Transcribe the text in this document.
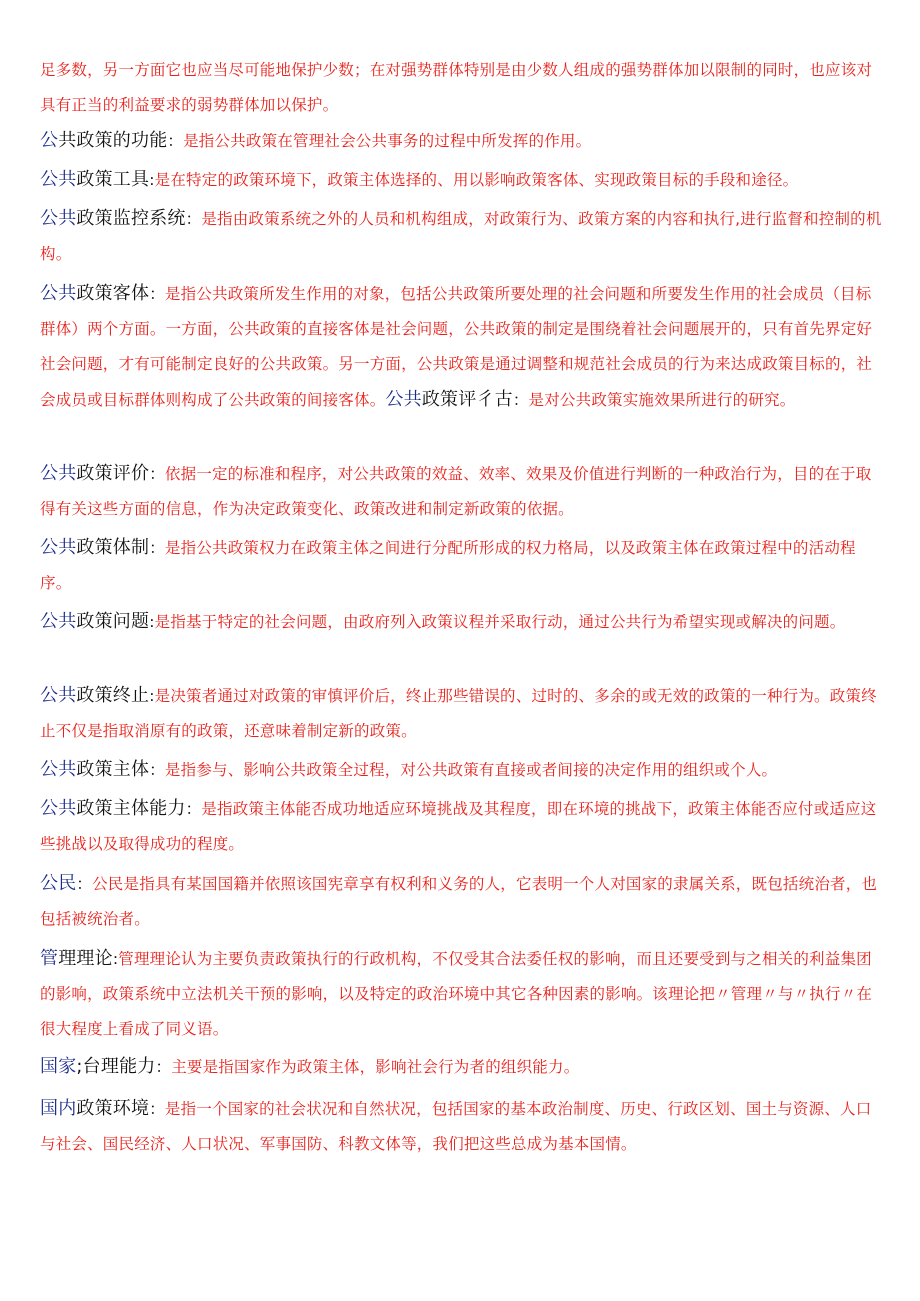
足多数，另一方面它也应当尽可能地保护少数；在对强势群体特别是由少数人组成的强势群体加以限制的同时，也应该对具有正当的利益要求的弱势群体加以保护。
公共政策的功能：是指公共政策在管理社会公共事务的过程中所发挥的作用。
公共政策工具:是在特定的政策环境下，政策主体选择的、用以影响政策客体、实现政策目标的手段和途径。
公共政策监控系统：是指由政策系统之外的人员和机构组成，对政策行为、政策方案的内容和执行,进行监督和控制的机构。
公共政策客体：是指公共政策所发生作用的对象，包括公共政策所要处理的社会问题和所要发生作用的社会成员（目标群体）两个方面。一方面，公共政策的直接客体是社会问题，公共政策的制定是围绕着社会问题展开的，只有首先界定好社会问题，才有可能制定良好的公共政策。另一方面，公共政策是通过调整和规范社会成员的行为来达成政策目标的，社会成员或目标群体则构成了公共政策的间接客体。公共政策评彳古：是对公共政策实施效果所进行的研究。
公共政策评价：依据一定的标准和程序，对公共政策的效益、效率、效果及价值进行判断的一种政治行为，目的在于取得有关这些方面的信息，作为决定政策变化、政策改进和制定新政策的依据。
公共政策体制：是指公共政策权力在政策主体之间进行分配所形成的权力格局，以及政策主体在政策过程中的活动程序。
公共政策问题:是指基于特定的社会问题，由政府列入政策议程并采取行动，通过公共行为希望实现或解决的问题。
公共政策终止:是决策者通过对政策的审慎评价后，终止那些错误的、过时的、多余的或无效的政策的一种行为。政策终止不仅是指取消原有的政策，还意味着制定新的政策。
公共政策主体：是指参与、影响公共政策全过程，对公共政策有直接或者间接的决定作用的组织或个人。
公共政策主体能力：是指政策主体能否成功地适应环境挑战及其程度，即在环境的挑战下，政策主体能否应付或适应这些挑战以及取得成功的程度。
公民：公民是指具有某国国籍并依照该国宪章享有权利和义务的人，它表明一个人对国家的隶属关系，既包括统治者，也包括被统治者。
管理理论:管理理论认为主要负责政策执行的行政机构，不仅受其合法委任权的影响，而且还要受到与之相关的利益集团的影响，政策系统中立法机关干预的影响，以及特定的政治环境中其它各种因素的影响。该理论把〃管理〃与〃执行〃在很大程度上看成了同义语。
国家;台理能力：主要是指国家作为政策主体，影响社会行为者的组织能力。
国内政策环境：是指一个国家的社会状况和自然状况，包括国家的基本政治制度、历史、行政区划、国土与资源、人口与社会、国民经济、人口状况、军事国防、科教文体等，我们把这些总成为基本国情。
